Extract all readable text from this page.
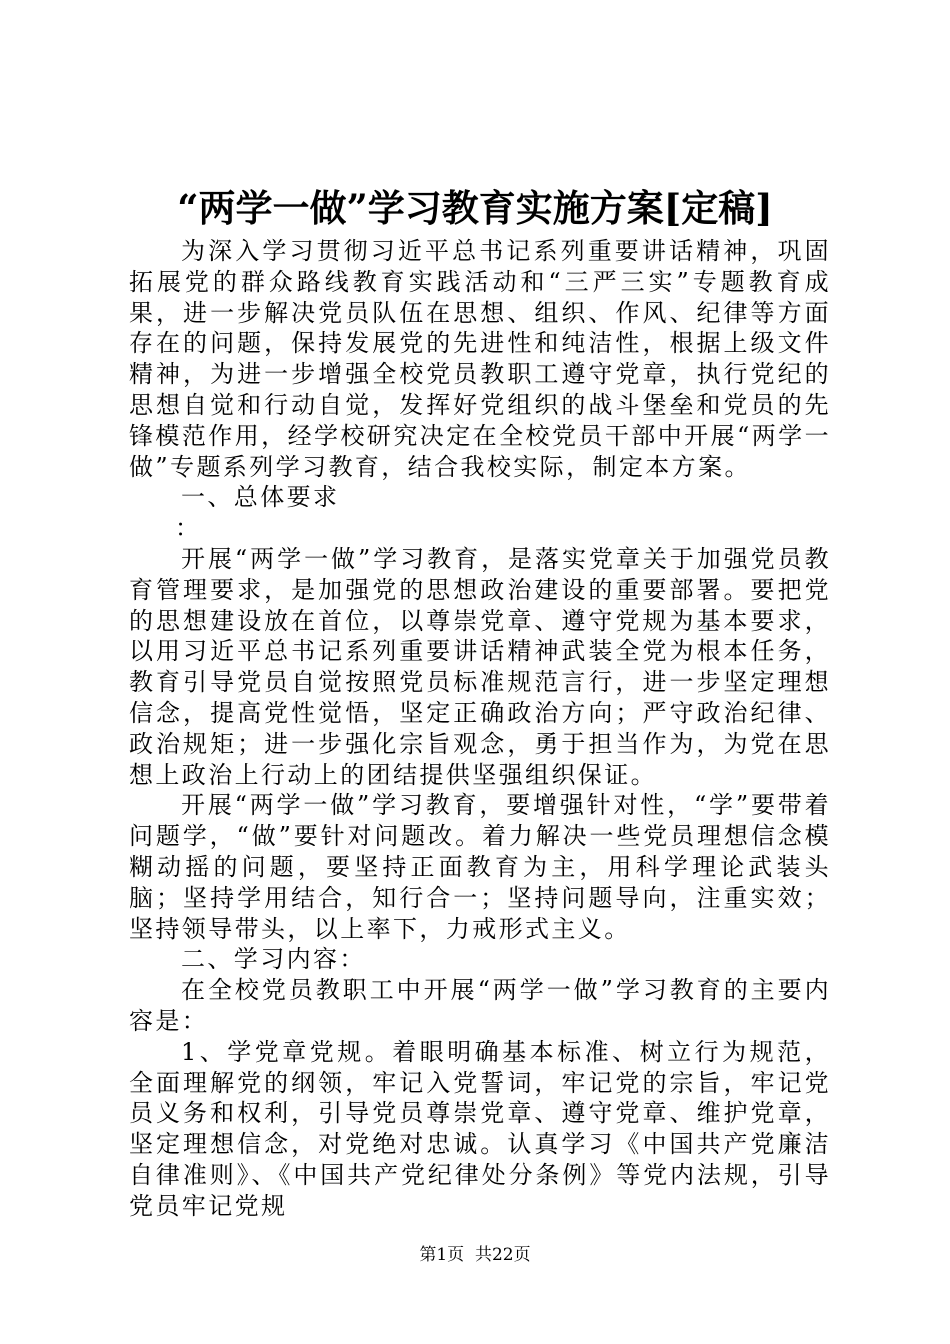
“两学一做”学习教育实施方案[定稿]

为深入学习贯彻习近平总书记系列重要讲话精神，巩固拓展党的群众路线教育实践活动和“三严三实”专题教育成果，进一步解决党员队伍在思想、组织、作风、纪律等方面存在的问题，保持发展党的先进性和纯洁性，根据上级文件精神，为进一步增强全校党员教职工遵守党章，执行党纪的思想自觉和行动自觉，发挥好党组织的战斗堡垒和党员的先锋模范作用，经学校研究决定在全校党员干部中开展“两学一做”专题系列学习教育，结合我校实际，制定本方案。

一、总体要求

：

开展“两学一做”学习教育，是落实党章关于加强党员教育管理要求，是加强党的思想政治建设的重要部署。要把党的思想建设放在首位，以尊崇党章、遵守党规为基本要求，以用习近平总书记系列重要讲话精神武装全党为根本任务，教育引导党员自觉按照党员标准规范言行，进一步坚定理想信念，提高党性觉悟，坚定正确政治方向；严守政治纪律、政治规矩；进一步强化宗旨观念，勇于担当作为，为党在思想上政治上行动上的团结提供坚强组织保证。

开展“两学一做”学习教育，要增强针对性，“学”要带着问题学，“做”要针对问题改。着力解决一些党员理想信念模糊动摇的问题，要坚持正面教育为主，用科学理论武装头脑；坚持学用结合，知行合一；坚持问题导向，注重实效；坚持领导带头，以上率下，力戒形式主义。

二、学习内容：

在全校党员教职工中开展“两学一做”学习教育的主要内容是：

1、学党章党规。着眼明确基本标准、树立行为规范，全面理解党的纲领，牢记入党誓词，牢记党的宗旨，牢记党员义务和权利，引导党员尊崇党章、遵守党章、维护党章，坚定理想信念，对党绝对忠诚。认真学习《中国共产党廉洁自律准则》、《中国共产党纪律处分条例》等党内法规，引导党员牢记党规

第1页  共22页
